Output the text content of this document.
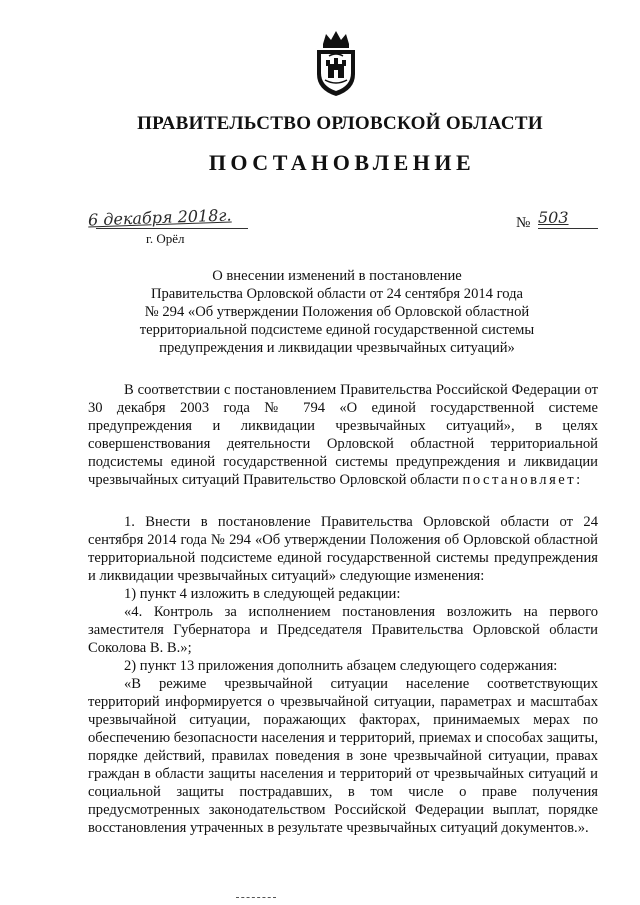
ПРАВИТЕЛЬСТВО ОРЛОВСКОЙ ОБЛАСТИ
ПОСТАНОВЛЕНИЕ
6 декабря 2018г.	№ 503
г. Орёл
О внесении изменений в постановление
Правительства Орловской области от 24 сентября 2014 года
№ 294 «Об утверждении Положения об Орловской областной
территориальной подсистеме единой государственной системы
предупреждения и ликвидации чрезвычайных ситуаций»

В соответствии с постановлением Правительства Российской Федерации от 30 декабря 2003 года № 794 «О единой государственной системе предупреждения и ликвидации чрезвычайных ситуаций», в целях совершенствования деятельности Орловской областной территориальной подсистемы единой государственной системы предупреждения и ликвидации чрезвычайных ситуаций Правительство Орловской области постановляет:

1. Внести в постановление Правительства Орловской области от 24 сентября 2014 года № 294 «Об утверждении Положения об Орловской областной территориальной подсистеме единой государственной системы предупреждения и ликвидации чрезвычайных ситуаций» следующие изменения:

1) пункт 4 изложить в следующей редакции:

«4. Контроль за исполнением постановления возложить на первого заместителя Губернатора и Председателя Правительства Орловской области Соколова В. В.»;

2) пункт 13 приложения дополнить абзацем следующего содержания:

«В режиме чрезвычайной ситуации население соответствующих территорий информируется о чрезвычайной ситуации, параметрах и масштабах чрезвычайной ситуации, поражающих факторах, принимаемых мерах по обеспечению безопасности населения и территорий, приемах и способах защиты, порядке действий, правилах поведения в зоне чрезвычайной ситуации, правах граждан в области защиты населения и территорий от чрезвычайных ситуаций и социальной защиты пострадавших, в том числе о праве получения предусмотренных законодательством Российской Федерации выплат, порядке восстановления утраченных в результате чрезвычайных ситуаций документов.».
